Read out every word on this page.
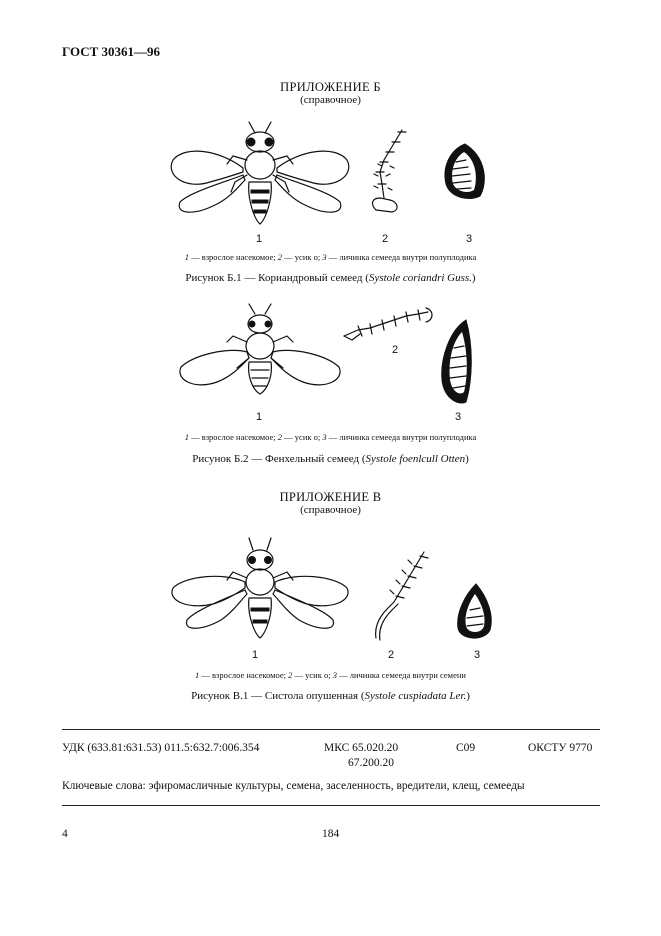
ГОСТ 30361—96
ПРИЛОЖЕНИЕ Б
(справочное)
1	2	3
1 — взрослое насекомое; 2 — усик о; 3 — личинка семееда внутри полуплодика
Рисунок Б.1 — Кориандровый семеед (Systole coriandri Guss.)
2
1	3
1 — взрослое насекомое; 2 — усик о; 3 — личинка семееда внутри полуплодика
Рисунок Б.2 — Фенхельный семеед (Systole foenlcull Otten)
ПРИЛОЖЕНИЕ В
(справочное)
1	2	3
1 — взрослое насекомое; 2 — усик о; 3 — личинка семееда внутри семени
Рисунок В.1 — Систола опушенная (Systole cuspiadata Ler.)
УДК (633.81:631.53) 011.5:632.7:006.354	МКС 65.020.20
67.200.20
С09	ОКСТУ 9770
Ключевые слова: эфиромасличные культуры, семена, заселенность, вредители, клещ, семееды
4	184
